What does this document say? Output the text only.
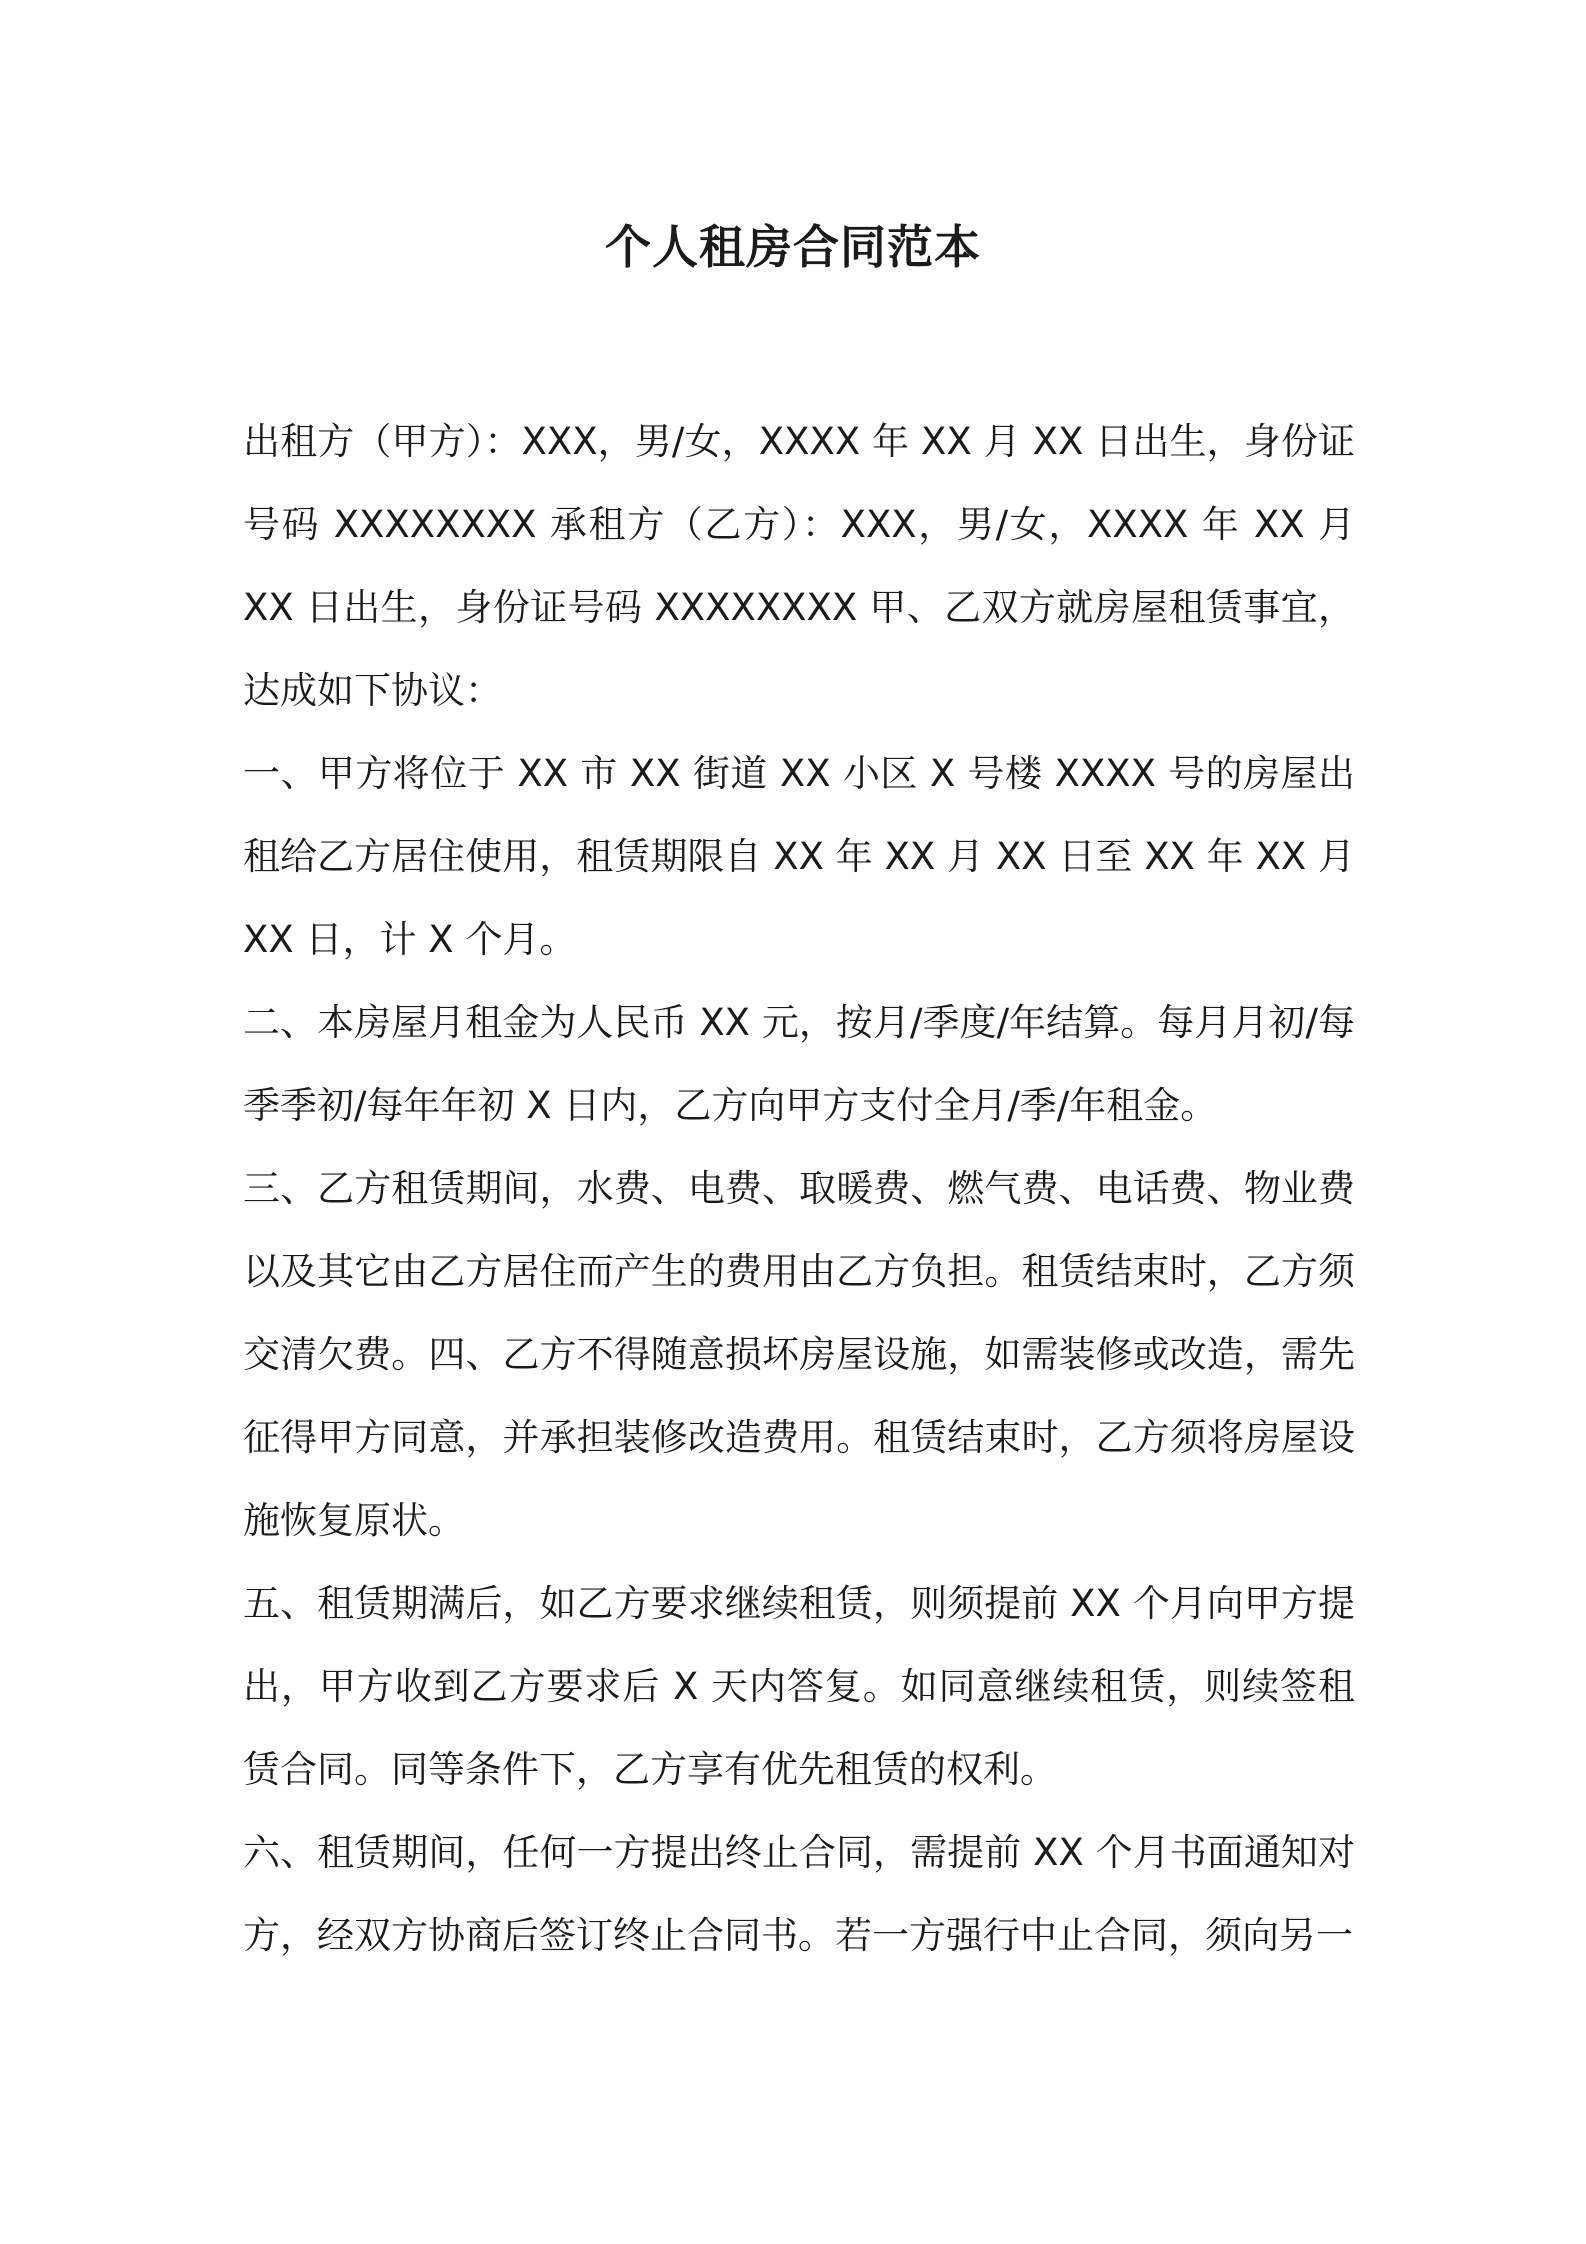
个人租房合同范本

出租方（甲方）：XXX，男/女，XXXX 年 XX 月 XX 日出生，身份证号码 XXXXXXXX 承租方（乙方）：XXX，男/女，XXXX 年 XX 月 XX 日出生，身份证号码 XXXXXXXX 甲、乙双方就房屋租赁事宜，达成如下协议：

一、甲方将位于 XX 市 XX 街道 XX 小区 X 号楼 XXXX 号的房屋出租给乙方居住使用，租赁期限自 XX 年 XX 月 XX 日至 XX 年 XX 月 XX 日，计 X 个月。

二、本房屋月租金为人民币 XX 元，按月/季度/年结算。每月月初/每季季初/每年年初 X 日内，乙方向甲方支付全月/季/年租金。

三、乙方租赁期间，水费、电费、取暖费、燃气费、电话费、物业费以及其它由乙方居住而产生的费用由乙方负担。租赁结束时，乙方须交清欠费。四、乙方不得随意损坏房屋设施，如需装修或改造，需先征得甲方同意，并承担装修改造费用。租赁结束时，乙方须将房屋设施恢复原状。

五、租赁期满后，如乙方要求继续租赁，则须提前 XX 个月向甲方提出，甲方收到乙方要求后 X 天内答复。如同意继续租赁，则续签租赁合同。同等条件下，乙方享有优先租赁的权利。

六、租赁期间，任何一方提出终止合同，需提前 XX 个月书面通知对方，经双方协商后签订终止合同书。若一方强行中止合同，须向另一
